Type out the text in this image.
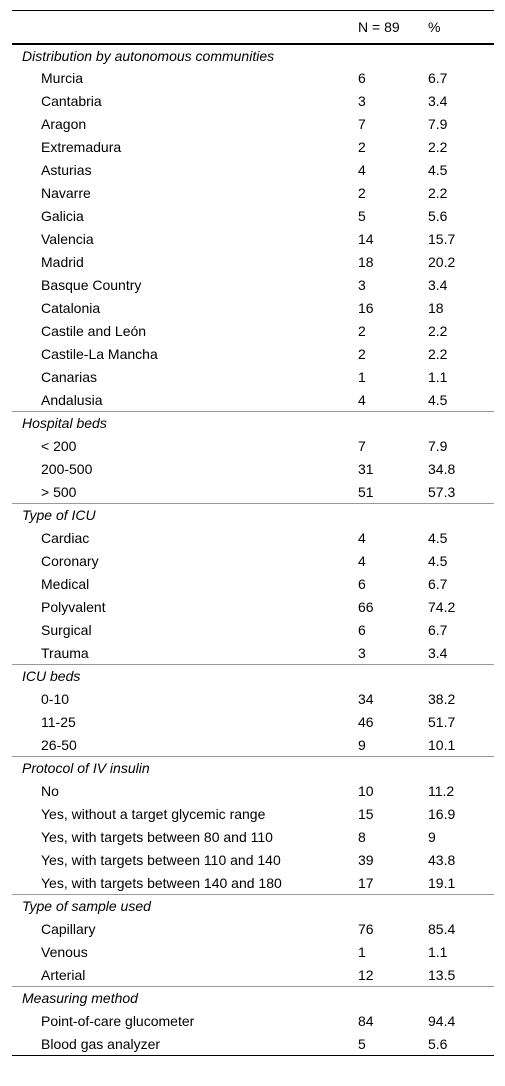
	N = 89	%
Distribution by autonomous communities		
Murcia	6	6.7
Cantabria	3	3.4
Aragon	7	7.9
Extremadura	2	2.2
Asturias	4	4.5
Navarre	2	2.2
Galicia	5	5.6
Valencia	14	15.7
Madrid	18	20.2
Basque Country	3	3.4
Catalonia	16	18
Castile and León	2	2.2
Castile-La Mancha	2	2.2
Canarias	1	1.1
Andalusia	4	4.5
Hospital beds		
< 200	7	7.9
200-500	31	34.8
> 500	51	57.3
Type of ICU		
Cardiac	4	4.5
Coronary	4	4.5
Medical	6	6.7
Polyvalent	66	74.2
Surgical	6	6.7
Trauma	3	3.4
ICU beds		
0-10	34	38.2
11-25	46	51.7
26-50	9	10.1
Protocol of IV insulin		
No	10	11.2
Yes, without a target glycemic range	15	16.9
Yes, with targets between 80 and 110	8	9
Yes, with targets between 110 and 140	39	43.8
Yes, with targets between 140 and 180	17	19.1
Type of sample used		
Capillary	76	85.4
Venous	1	1.1
Arterial	12	13.5
Measuring method		
Point-of-care glucometer	84	94.4
Blood gas analyzer	5	5.6
